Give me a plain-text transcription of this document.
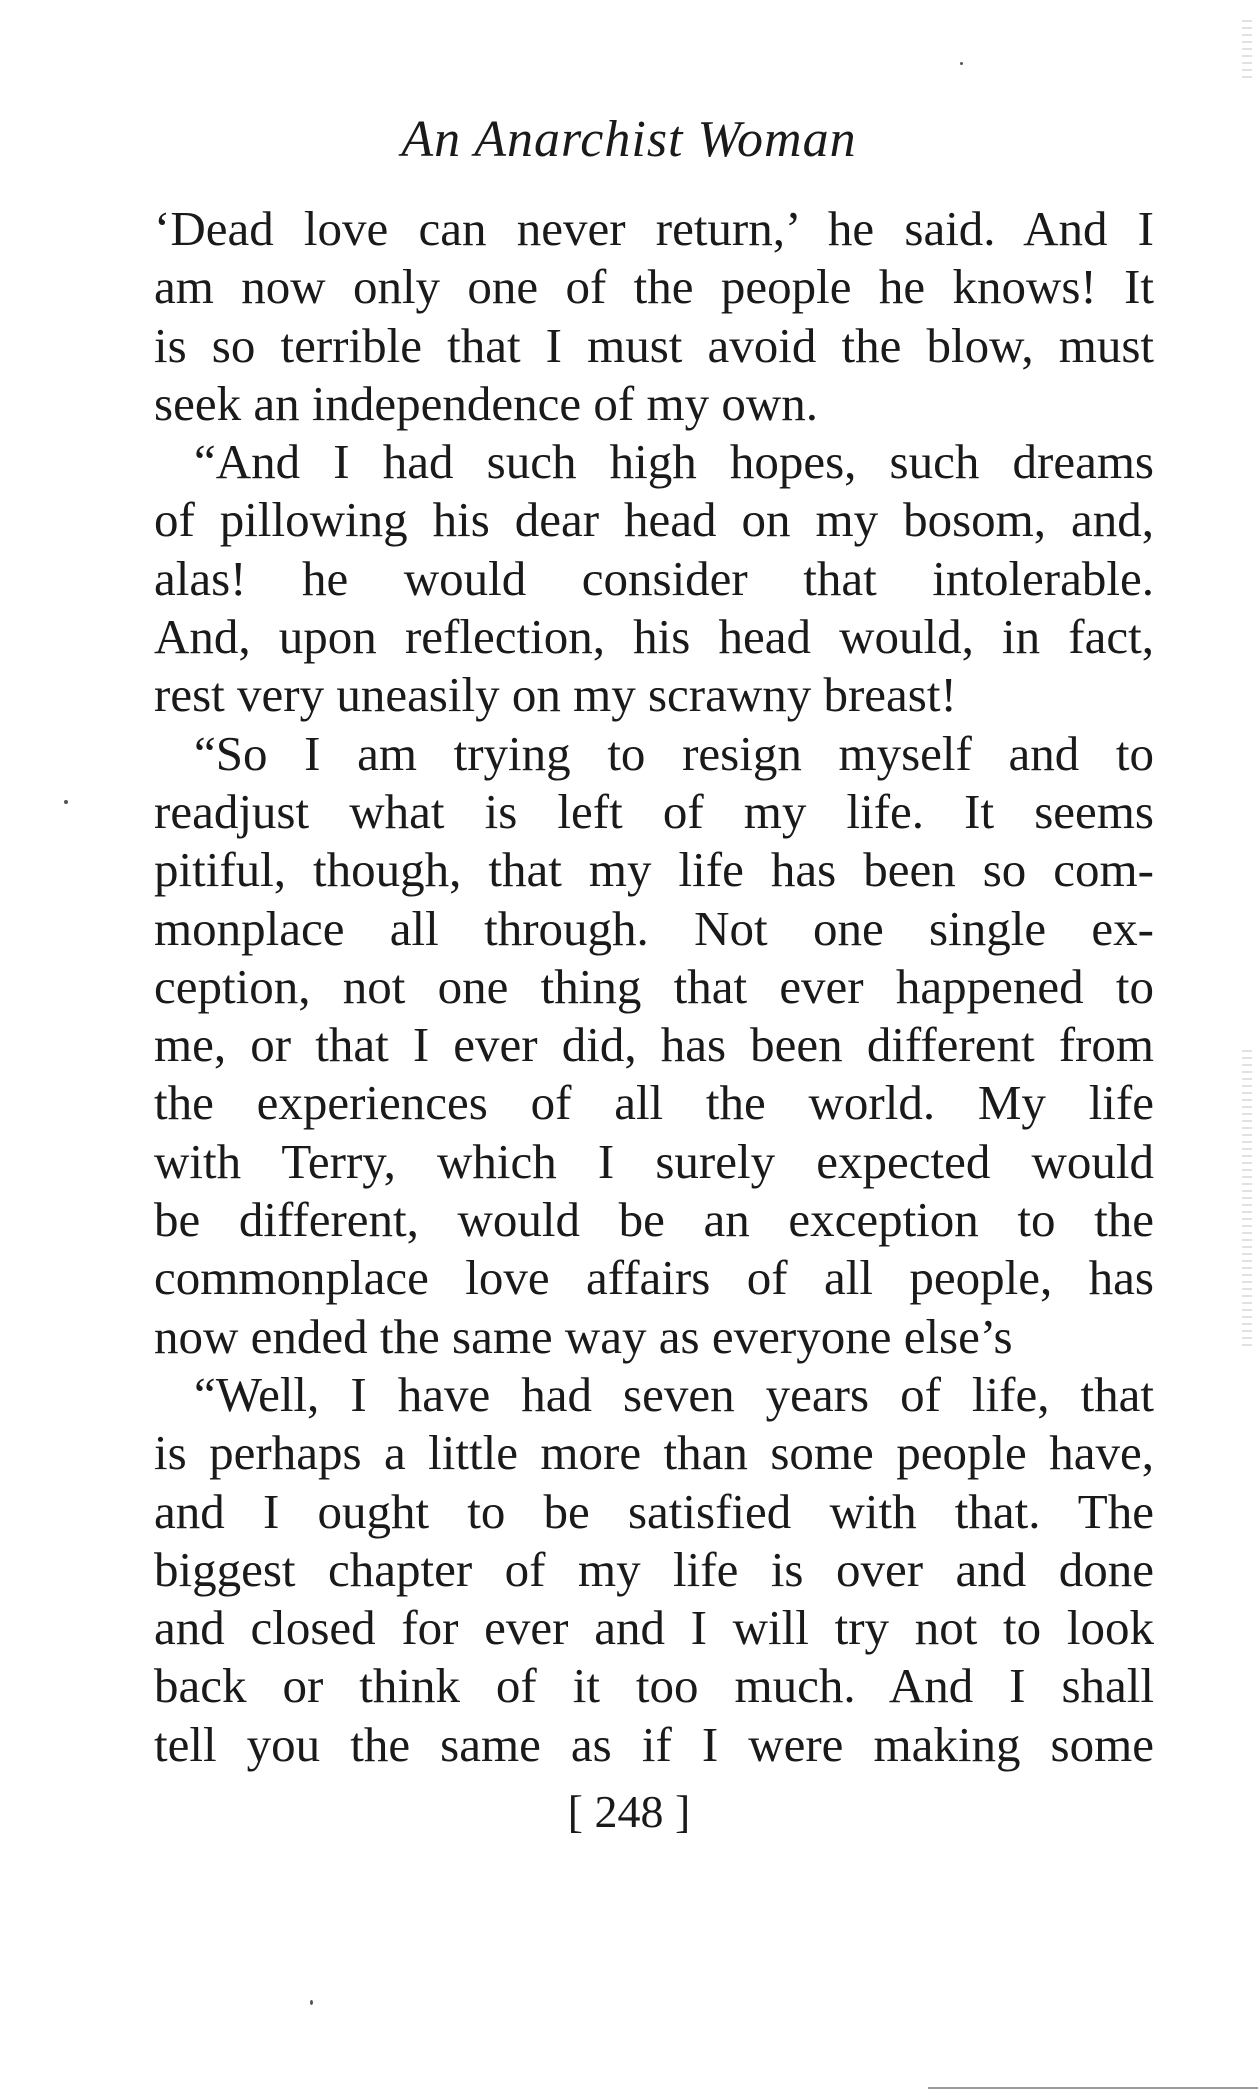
An Anarchist Woman
‘Dead love can never return,’ he said. And I
am now only one of the people he knows! It
is so terrible that I must avoid the blow, must
seek an independence of my own.
“And I had such high hopes, such dreams
of pillowing his dear head on my bosom, and,
alas! he would consider that intolerable.
And, upon reflection, his head would, in fact,
rest very uneasily on my scrawny breast!
“So I am trying to resign myself and to
readjust what is left of my life. It seems
pitiful, though, that my life has been so com-
monplace all through. Not one single ex-
ception, not one thing that ever happened to
me, or that I ever did, has been different from
the experiences of all the world. My life
with Terry, which I surely expected would
be different, would be an exception to the
commonplace love affairs of all people, has
now ended the same way as everyone else’s
“Well, I have had seven years of life, that
is perhaps a little more than some people have,
and I ought to be satisfied with that. The
biggest chapter of my life is over and done
and closed for ever and I will try not to look
back or think of it too much. And I shall
tell you the same as if I were making some
[ 248 ]
